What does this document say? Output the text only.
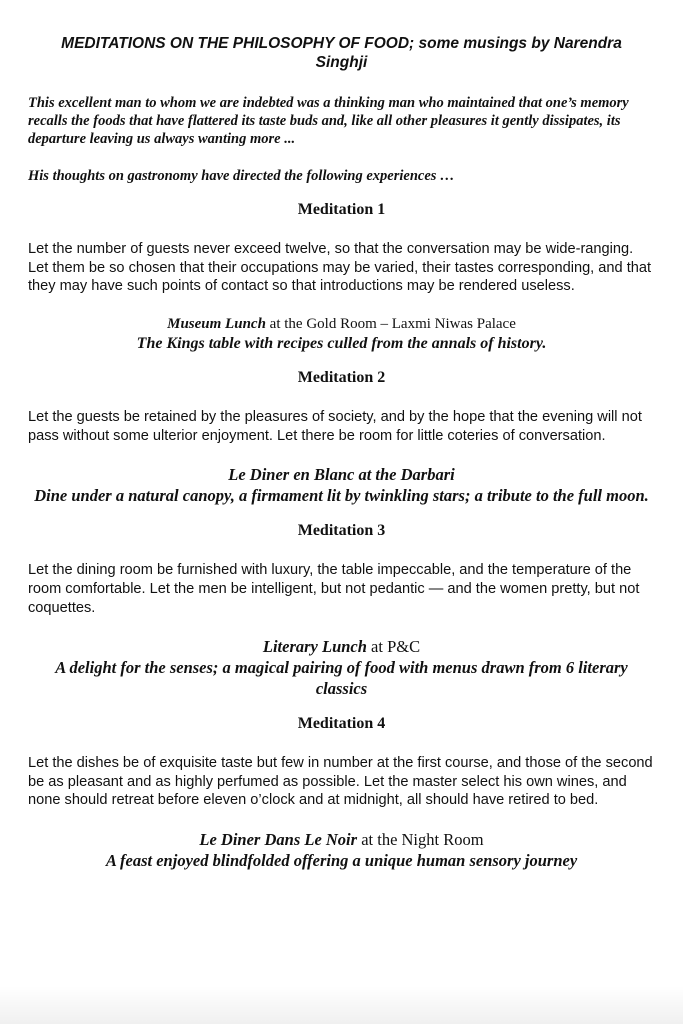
MEDITATIONS ON THE PHILOSOPHY OF FOOD; some musings by Narendra Singhji

This excellent man to whom we are indebted was a thinking man who maintained that one’s memory recalls the foods that have flattered its taste buds and, like all other pleasures it gently dissipates, its departure leaving us always wanting more ...

His thoughts on gastronomy have directed the following experiences …

Meditation 1

Let the number of guests never exceed twelve, so that the conversation may be wide-ranging. Let them be so chosen that their occupations may be varied, their tastes corresponding, and that they may have such points of contact so that introductions may be rendered useless.

Museum Lunch at the Gold Room – Laxmi Niwas Palace
The Kings table with recipes culled from the annals of history.
Meditation 2

Let the guests be retained by the pleasures of society, and by the hope that the evening will not pass without some ulterior enjoyment. Let there be room for little coteries of conversation.

Le Diner en Blanc at the Darbari
Dine under a natural canopy, a firmament lit by twinkling stars; a tribute to the full moon.
Meditation 3

Let the dining room be furnished with luxury, the table impeccable, and the temperature of the room comfortable. Let the men be intelligent, but not pedantic — and the women pretty, but not coquettes.

Literary Lunch at P&C
A delight for the senses; a magical pairing of food with menus drawn from 6 literary classics
Meditation 4

Let the dishes be of exquisite taste but few in number at the first course, and those of the second be as pleasant and as highly perfumed as possible. Let the master select his own wines, and none should retreat before eleven o’clock and at midnight, all should have retired to bed.

Le Diner Dans Le Noir at the Night Room
A feast enjoyed blindfolded offering a unique human sensory journey
